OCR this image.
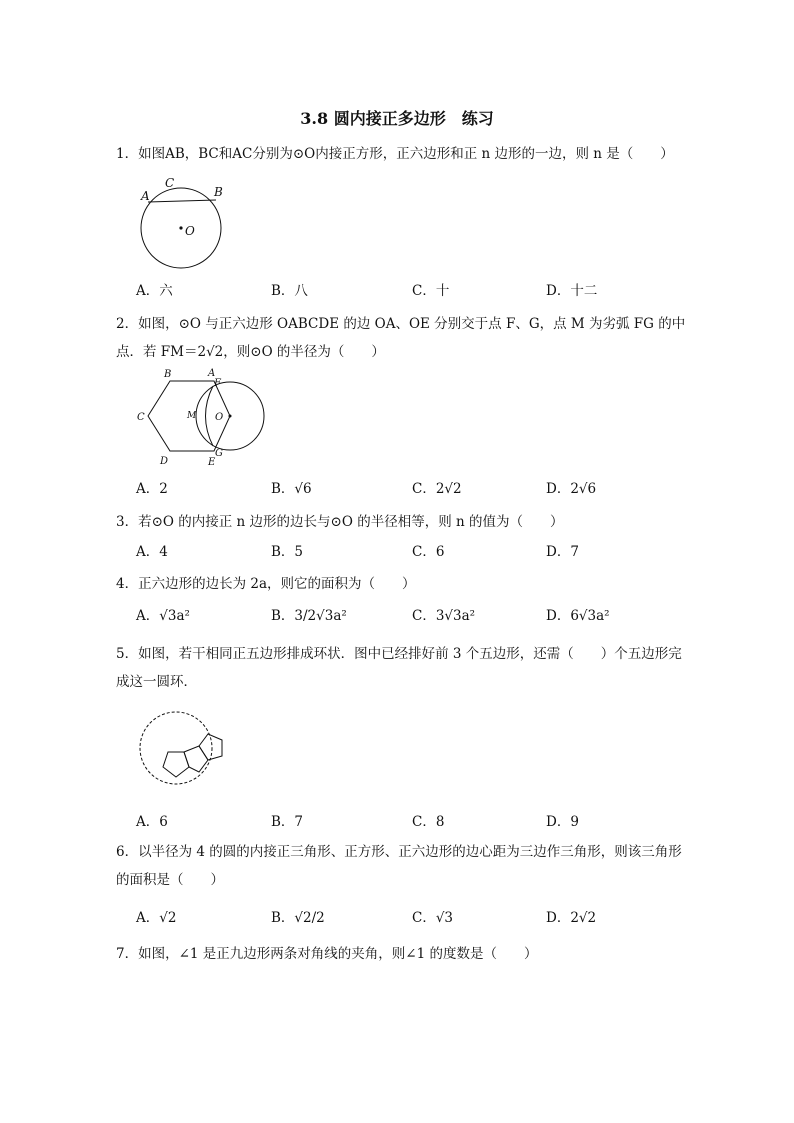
3.8 圆内接正多边形　练习
1．如图AB，BC和AC分别为⊙O内接正方形，正六边形和正 n 边形的一边，则 n 是（　　）
A
C
B
O
A．六	B．八	C．十	D．十二
2．如图，⊙O 与正六边形 OABCDE 的边 OA、OE 分别交于点 F、G，点 M 为劣弧 FG 的中点．若 FM＝2√2，则⊙O 的半径为（　　）
B	A
F
C	M O
D
G
E
A．2	B．√6	C．2√2	D．2√6
3．若⊙O 的内接正 n 边形的边长与⊙O 的半径相等，则 n 的值为（　　）
A．4	B．5	C．6	D．7
4．正六边形的边长为 2a，则它的面积为（　　）
A．√3a²	B．3/2√3a²	C．3√3a²	D．6√3a²
5．如图，若干相同正五边形排成环状．图中已经排好前 3 个五边形，还需（　　）个五边形完成这一圆环．
A．6	B．7	C．8	D．9
6．以半径为 4 的圆的内接正三角形、正方形、正六边形的边心距为三边作三角形，则该三角形的面积是（　　）
A．√2	B．√2/2	C．√3	D．2√2
7．如图，∠1 是正九边形两条对角线的夹角，则∠1 的度数是（　　）
